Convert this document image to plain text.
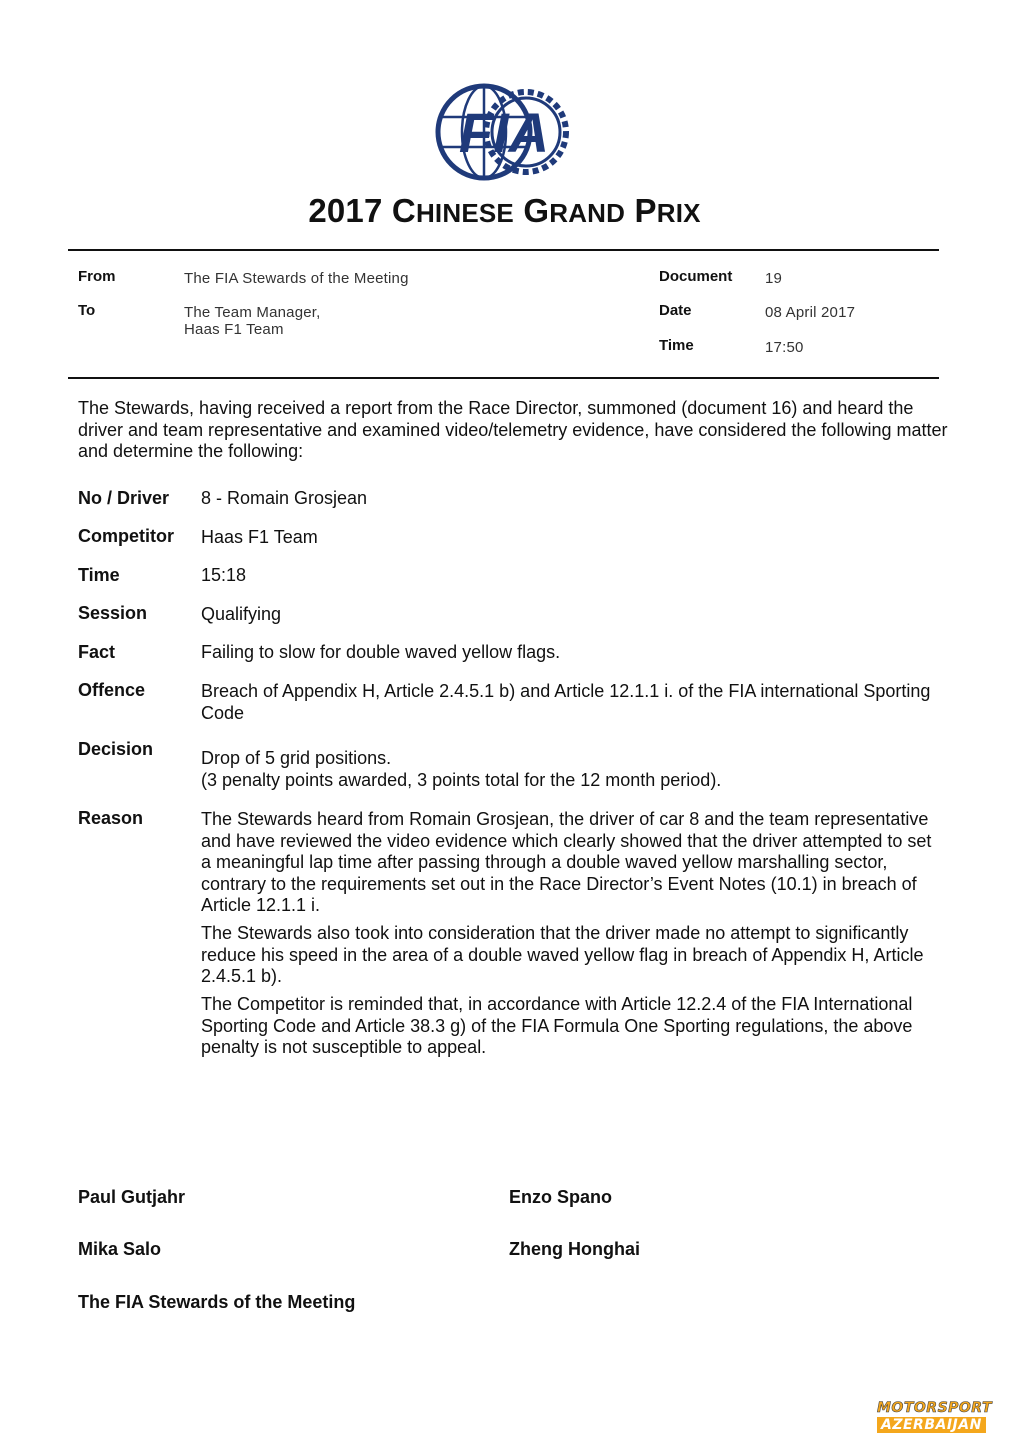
FIA
2017 CHINESE GRAND PRIX
From	The FIA Stewards of the Meeting
To	The Team Manager,
Haas F1 Team
Document 19
Date	08 April 2017
Time	17:50
The Stewards, having received a report from the Race Director, summoned (document 16) and heard the driver and team representative and examined video/telemetry evidence, have considered the following matter and determine the following:
No / Driver 8 - Romain Grosjean
Competitor Haas F1 Team
Time	15:18
Session	Qualifying
Fact	Failing to slow for double waved yellow flags.
Offence	Breach of Appendix H, Article 2.4.5.1 b) and Article 12.1.1 i. of the FIA international Sporting Code
Decision	Drop of 5 grid positions.
(3 penalty points awarded, 3 points total for the 12 month period).
Reason	The Stewards heard from Romain Grosjean, the driver of car 8 and the team representative and have reviewed the video evidence which clearly showed that the driver attempted to set a meaningful lap time after passing through a double waved yellow marshalling sector, contrary to the requirements set out in the Race Director’s Event Notes (10.1) in breach of Article 12.1.1 i.
The Stewards also took into consideration that the driver made no attempt to significantly reduce his speed in the area of a double waved yellow flag in breach of Appendix H, Article 2.4.5.1 b).
The Competitor is reminded that, in accordance with Article 12.2.4 of the FIA International Sporting Code and Article 38.3 g) of the FIA Formula One Sporting regulations, the above penalty is not susceptible to appeal.
Paul Gutjahr	Enzo Spano
Mika Salo	Zheng Honghai
The FIA Stewards of the Meeting
MOTORSPORT
AZERBAIJAN
